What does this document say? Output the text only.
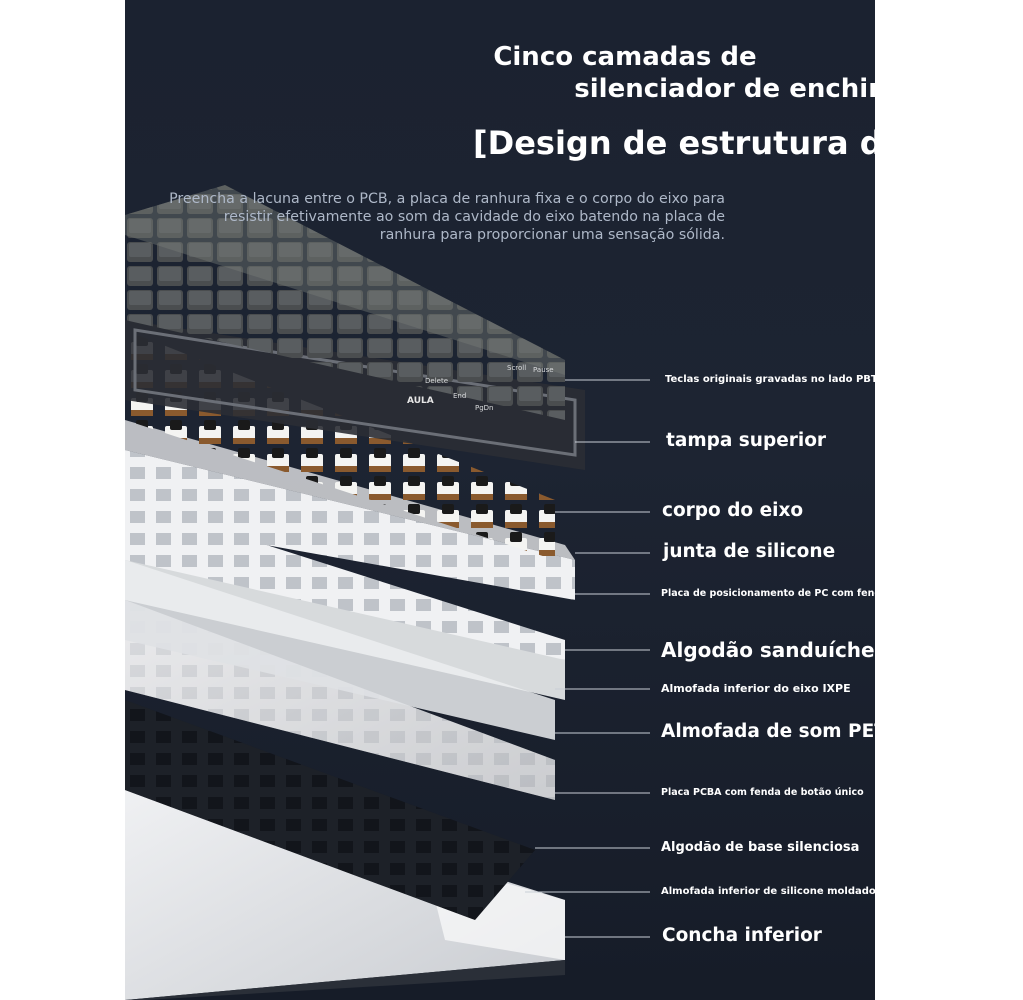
Delete
End
PgDn
Scroll Pause
AULA
Cinco camadas de
silenciador de enchimento
[Design de estrutura de junta]
Preencha a lacuna entre o PCB, a placa de ranhura fixa e o corpo do eixo para resistir efetivamente ao som da cavidade do eixo batendo na placa de ranhura para proporcionar uma sensação sólida.
Teclas originais gravadas no lado PBT
tampa superior
corpo do eixo
junta de silicone
Placa de posicionamento de PC com fenda
Algodão sanduíche
Almofada inferior do eixo IXPE
Almofada de som PET
Placa PCBA com fenda de botão único
Algodão de base silenciosa
Almofada inferior de silicone moldado
Concha inferior
